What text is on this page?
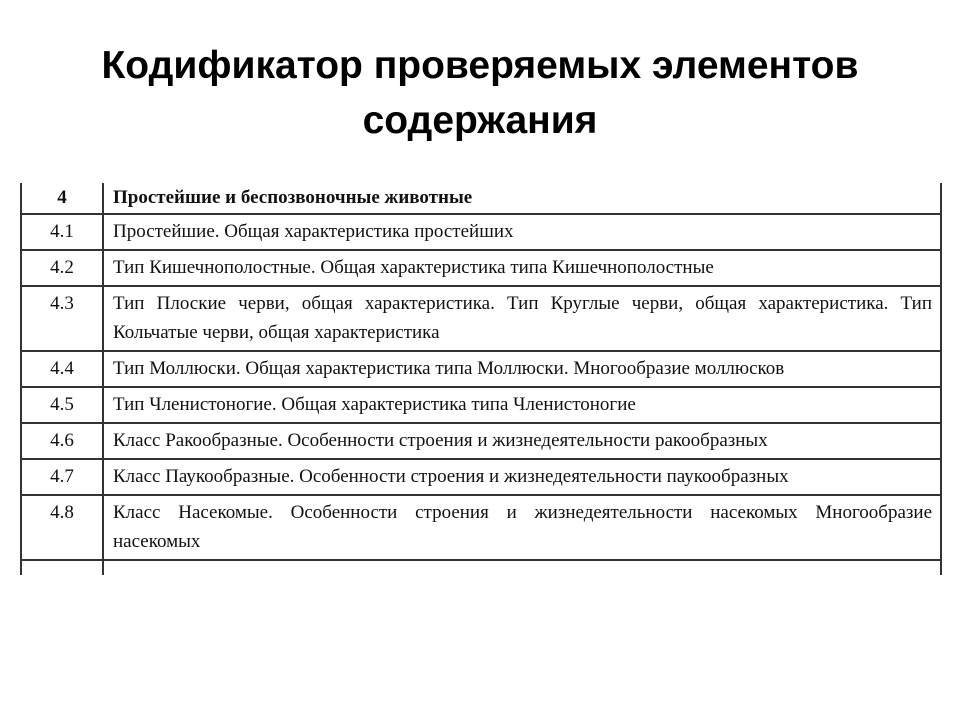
Кодификатор проверяемых элементов содержания
4	Простейшие и беспозвоночные животные
4.1	Простейшие. Общая характеристика простейших
4.2	Тип Кишечнополостные. Общая характеристика типа Кишечнополостные
4.3	Тип Плоские черви, общая характеристика. Тип Круглые черви, общая характеристика. Тип Кольчатые черви, общая характеристика
4.4	Тип Моллюски. Общая характеристика типа Моллюски. Многообразие моллюсков
4.5	Тип Членистоногие. Общая характеристика типа Членистоногие
4.6	Класс Ракообразные. Особенности строения и жизнедеятельности ракообразных
4.7	Класс Паукообразные. Особенности строения и жизнедеятельности паукообразных
4.8	Класс Насекомые. Особенности строения и жизнедеятельности насекомых Многообразие насекомых
